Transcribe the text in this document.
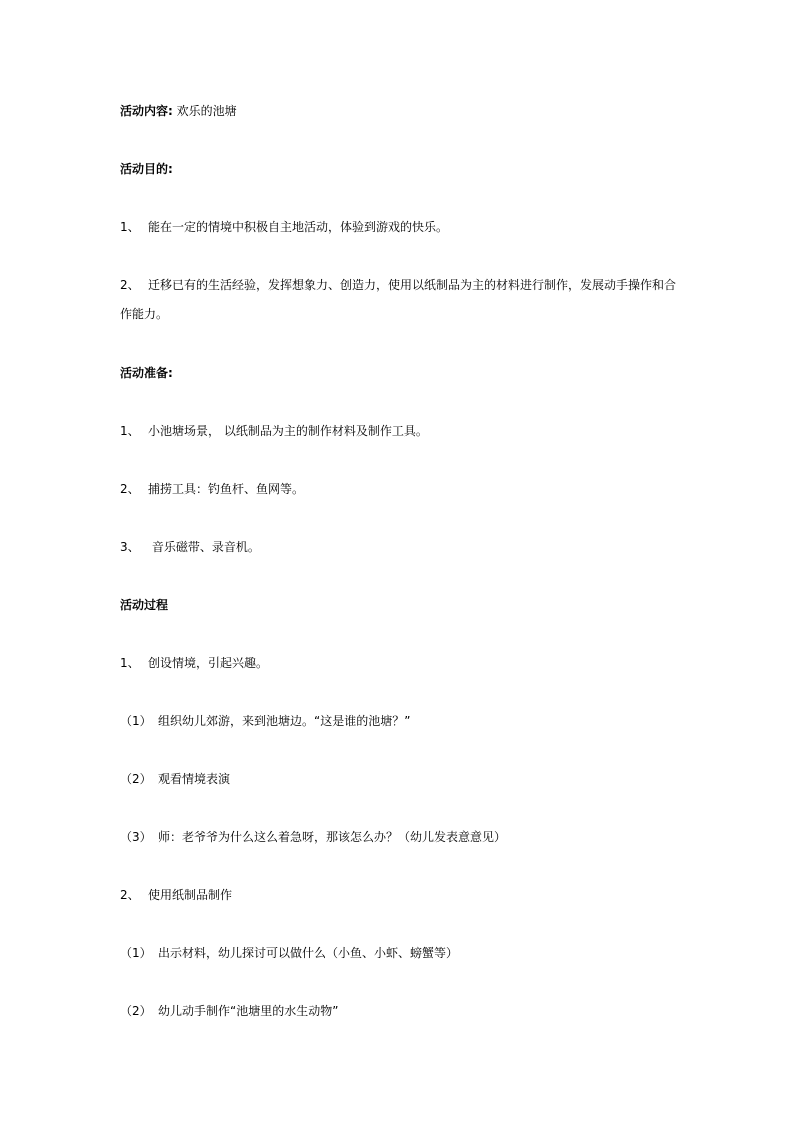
活动内容: 欢乐的池塘
活动目的:
1、 能在一定的情境中积极自主地活动，体验到游戏的快乐。
2、 迁移已有的生活经验，发挥想象力、创造力，使用以纸制品为主的材料进行制作，发展动手操作和合作能力。
活动准备:
1、 小池塘场景， 以纸制品为主的制作材料及制作工具。
2、 捕捞工具：钓鱼杆、鱼网等。
3、 音乐磁带、录音机。
活动过程
1、 创设情境，引起兴趣。
（1） 组织幼儿郊游，来到池塘边。“这是谁的池塘？”
（2） 观看情境表演
（3） 师：老爷爷为什么这么着急呀，那该怎么办？（幼儿发表意意见）
2、 使用纸制品制作
（1） 出示材料，幼儿探讨可以做什么（小鱼、小虾、螃蟹等）
（2） 幼儿动手制作“池塘里的水生动物”
